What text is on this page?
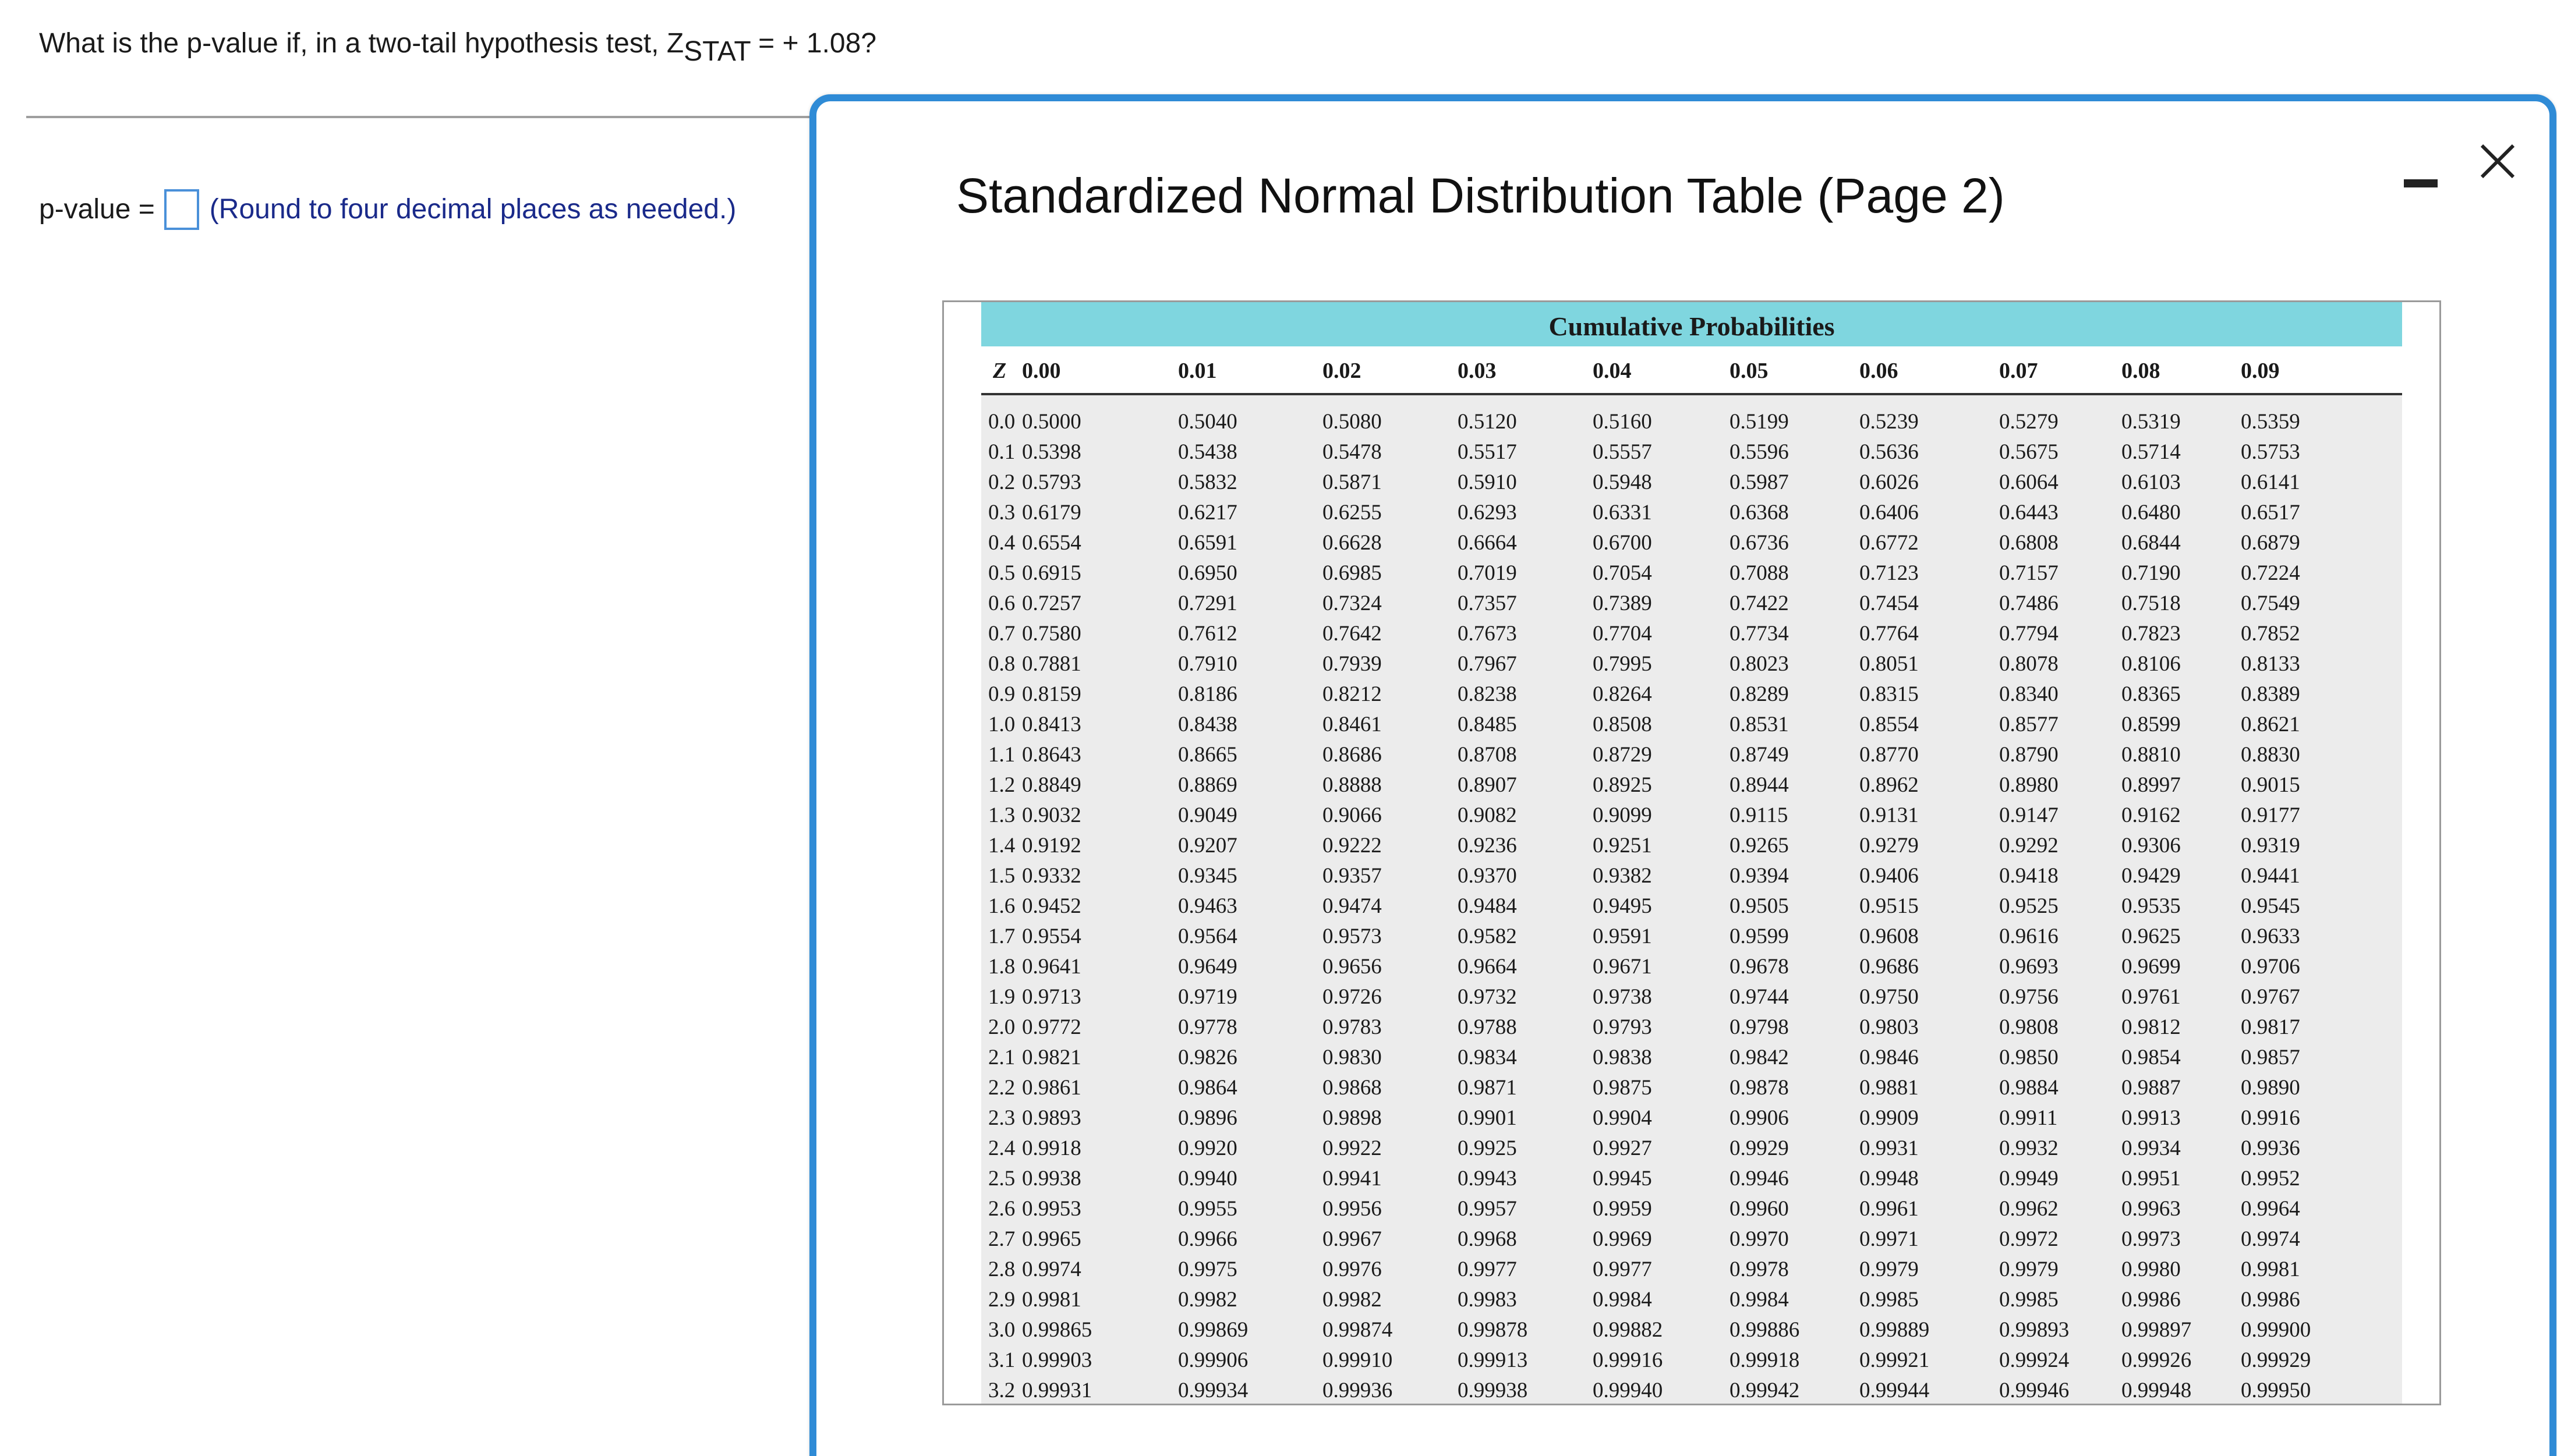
What is the p-value if, in a two-tail hypothesis test, ZSTAT = + 1.08?
p-value = (Round to four decimal places as needed.)	Standardized Normal Distribution Table (Page 2)
Cumulative Probabilities
Z 0.00	0.01	0.02	0.03	0.04	0.05	0.06	0.07	0.08	0.09
0.0 0.5000	0.5040	0.5080	0.5120	0.5160	0.5199	0.5239	0.5279	0.5319	0.5359
0.1 0.5398	0.5438	0.5478	0.5517	0.5557	0.5596	0.5636	0.5675	0.5714	0.5753
0.2 0.5793	0.5832	0.5871	0.5910	0.5948	0.5987	0.6026	0.6064	0.6103	0.6141
0.3 0.6179	0.6217	0.6255	0.6293	0.6331	0.6368	0.6406	0.6443	0.6480	0.6517
0.4 0.6554	0.6591	0.6628	0.6664	0.6700	0.6736	0.6772	0.6808	0.6844	0.6879
0.5 0.6915	0.6950	0.6985	0.7019	0.7054	0.7088	0.7123	0.7157	0.7190	0.7224
0.6 0.7257	0.7291	0.7324	0.7357	0.7389	0.7422	0.7454	0.7486	0.7518	0.7549
0.7 0.7580	0.7612	0.7642	0.7673	0.7704	0.7734	0.7764	0.7794	0.7823	0.7852
0.8 0.7881	0.7910	0.7939	0.7967	0.7995	0.8023	0.8051	0.8078	0.8106	0.8133
0.9 0.8159	0.8186	0.8212	0.8238	0.8264	0.8289	0.8315	0.8340	0.8365	0.8389
1.0 0.8413	0.8438	0.8461	0.8485	0.8508	0.8531	0.8554	0.8577	0.8599	0.8621
1.1 0.8643	0.8665	0.8686	0.8708	0.8729	0.8749	0.8770	0.8790	0.8810	0.8830
1.2 0.8849	0.8869	0.8888	0.8907	0.8925	0.8944	0.8962	0.8980	0.8997	0.9015
1.3 0.9032	0.9049	0.9066	0.9082	0.9099	0.9115	0.9131	0.9147	0.9162	0.9177
1.4 0.9192	0.9207	0.9222	0.9236	0.9251	0.9265	0.9279	0.9292	0.9306	0.9319
1.5 0.9332	0.9345	0.9357	0.9370	0.9382	0.9394	0.9406	0.9418	0.9429	0.9441
1.6 0.9452	0.9463	0.9474	0.9484	0.9495	0.9505	0.9515	0.9525	0.9535	0.9545
1.7 0.9554	0.9564	0.9573	0.9582	0.9591	0.9599	0.9608	0.9616	0.9625	0.9633
1.8 0.9641	0.9649	0.9656	0.9664	0.9671	0.9678	0.9686	0.9693	0.9699	0.9706
1.9 0.9713	0.9719	0.9726	0.9732	0.9738	0.9744	0.9750	0.9756	0.9761	0.9767
2.0 0.9772	0.9778	0.9783	0.9788	0.9793	0.9798	0.9803	0.9808	0.9812	0.9817
2.1 0.9821	0.9826	0.9830	0.9834	0.9838	0.9842	0.9846	0.9850	0.9854	0.9857
2.2 0.9861	0.9864	0.9868	0.9871	0.9875	0.9878	0.9881	0.9884	0.9887	0.9890
2.3 0.9893	0.9896	0.9898	0.9901	0.9904	0.9906	0.9909	0.9911	0.9913	0.9916
2.4 0.9918	0.9920	0.9922	0.9925	0.9927	0.9929	0.9931	0.9932	0.9934	0.9936
2.5 0.9938	0.9940	0.9941	0.9943	0.9945	0.9946	0.9948	0.9949	0.9951	0.9952
2.6 0.9953	0.9955	0.9956	0.9957	0.9959	0.9960	0.9961	0.9962	0.9963	0.9964
2.7 0.9965	0.9966	0.9967	0.9968	0.9969	0.9970	0.9971	0.9972	0.9973	0.9974
2.8 0.9974	0.9975	0.9976	0.9977	0.9977	0.9978	0.9979	0.9979	0.9980	0.9981
2.9 0.9981	0.9982	0.9982	0.9983	0.9984	0.9984	0.9985	0.9985	0.9986	0.9986
3.0 0.99865	0.99869	0.99874	0.99878	0.99882	0.99886	0.99889	0.99893 0.99897 0.99900
3.1 0.99903	0.99906	0.99910	0.99913	0.99916	0.99918	0.99921	0.99924 0.99926 0.99929
3.2 0.99931	0.99934	0.99936	0.99938	0.99940	0.99942	0.99944	0.99946 0.99948 0.99950
